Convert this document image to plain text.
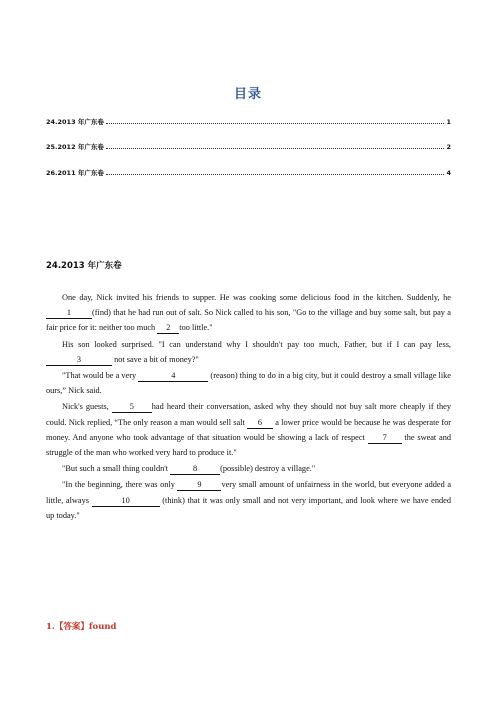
目录
24.2013 年广东卷	1
25.2012 年广东卷	2
26.2011 年广东卷	4
24.2013 年广东卷

One day, Nick invited his friends to supper. He was cooking some delicious food in the kitchen. Suddenly, he 1	(find) that he had run out of salt. So Nick called to his son, "Go to the village and buy some salt, but pay a fair price for it: neither too much 2 too little."

His son looked surprised. "I can understand why I shouldn't pay too much, Father, but if I can pay less, 3	not save a bit of money?"

"That would be a very	4	(reason) thing to do in a big city, but it could destroy a small village like ours,” Nick said.

Nick's guests, 5 had heard their conversation, asked why they should not buy salt more cheaply if they could. Nick replied, “The only reason a man would sell salt 6 a lower price would be because he was desperate for money. And anyone who took advantage of that situation would be showing a lack of respect 7 the sweat and struggle of the man who worked very hard to produce it."

"But such a small thing couldn't	8	(possible) destroy a village."

"In the beginning, there was only 9 very small amount of unfairness in the world, but everyone added a little, always	10	(think) that it was only small and not very important, and look where we have ended up today."

1.【答案】found
